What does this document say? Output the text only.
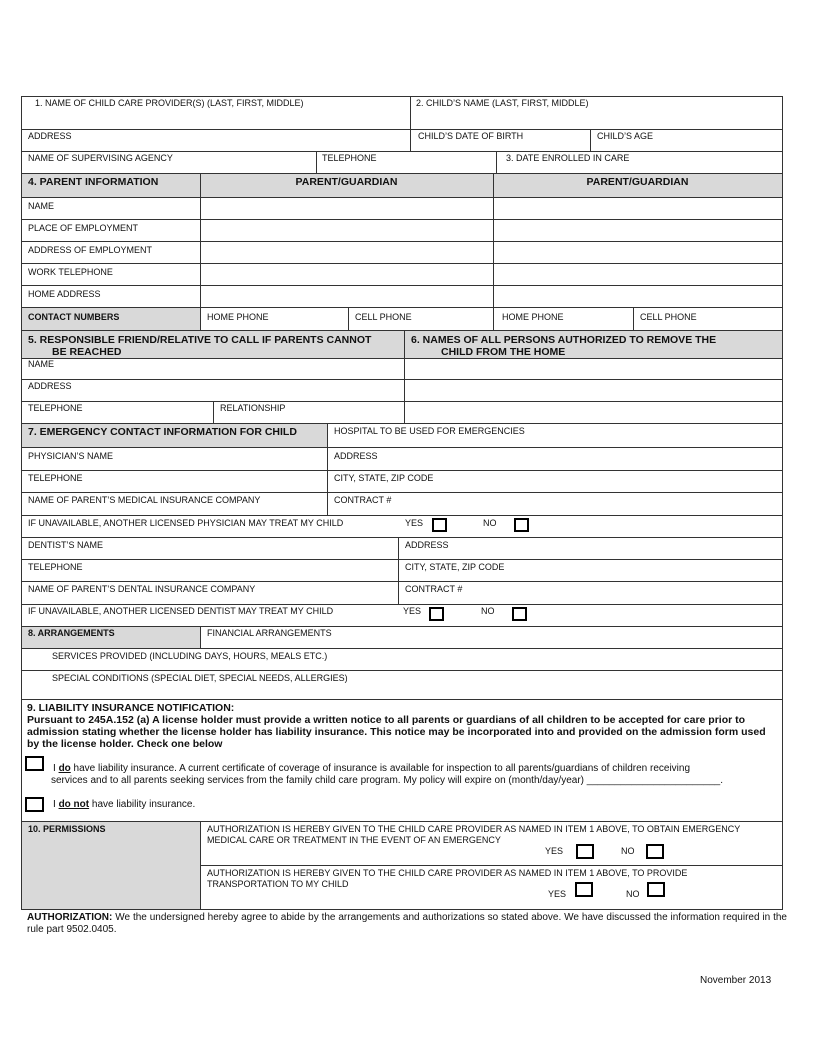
1. NAME OF CHILD CARE PROVIDER(S) (LAST, FIRST, MIDDLE)	2. CHILD’S NAME (LAST, FIRST, MIDDLE)
ADDRESS	CHILD’S DATE OF BIRTH	CHILD’S AGE
NAME OF SUPERVISING AGENCY	TELEPHONE	3. DATE ENROLLED IN CARE
4. PARENT INFORMATION	PARENT/GUARDIAN	PARENT/GUARDIAN
NAME
PLACE OF EMPLOYMENT
ADDRESS OF EMPLOYMENT
WORK TELEPHONE
HOME ADDRESS
CONTACT NUMBERS	HOME PHONE	CELL PHONE	HOME PHONE	CELL PHONE
5. RESPONSIBLE FRIEND/RELATIVE TO CALL IF PARENTS CANNOT
BE REACHED
6. NAMES OF ALL PERSONS AUTHORIZED TO REMOVE THE
CHILD FROM THE HOME
NAME
ADDRESS
TELEPHONE	RELATIONSHIP
7. EMERGENCY CONTACT INFORMATION FOR CHILD	HOSPITAL TO BE USED FOR EMERGENCIES
PHYSICIAN’S NAME	ADDRESS
TELEPHONE	CITY, STATE, ZIP CODE
NAME OF PARENT’S MEDICAL INSURANCE COMPANY	CONTRACT #
IF UNAVAILABLE, ANOTHER LICENSED PHYSICIAN MAY TREAT MY CHILD	YES	NO
DENTIST’S NAME	ADDRESS
TELEPHONE	CITY, STATE, ZIP CODE
NAME OF PARENT’S DENTAL INSURANCE COMPANY	CONTRACT #
IF UNAVAILABLE, ANOTHER LICENSED DENTIST MAY TREAT MY CHILD	YES	NO
8. ARRANGEMENTS	FINANCIAL ARRANGEMENTS
SERVICES PROVIDED (INCLUDING DAYS, HOURS, MEALS ETC.)
SPECIAL CONDITIONS (SPECIAL DIET, SPECIAL NEEDS, ALLERGIES)
9. LIABILITY INSURANCE NOTIFICATION:
Pursuant to 245A.152 (a) A license holder must provide a written notice to all parents or guardians of all children to be accepted for care prior to admission stating whether the license holder has liability insurance. This notice may be incorporated into and provided on the admission form used by the license holder. Check one below
I do have liability insurance. A current certificate of coverage of insurance is available for inspection to all parents/guardians of children receiving
services and to all parents seeking services from the family child care program. My policy will expire on (month/day/year) ________________________.
I do not have liability insurance.
10. PERMISSIONS	AUTHORIZATION IS HEREBY GIVEN TO THE CHILD CARE PROVIDER AS NAMED IN ITEM 1 ABOVE, TO OBTAIN EMERGENCY
MEDICAL CARE OR TREATMENT IN THE EVENT OF AN EMERGENCY
YES	NO
AUTHORIZATION IS HEREBY GIVEN TO THE CHILD CARE PROVIDER AS NAMED IN ITEM 1 ABOVE, TO PROVIDE
TRANSPORTATION TO MY CHILD
YES	NO
AUTHORIZATION: We the undersigned hereby agree to abide by the arrangements and authorizations so stated above. We have discussed the information required in the rule part 9502.0405.
November 2013
